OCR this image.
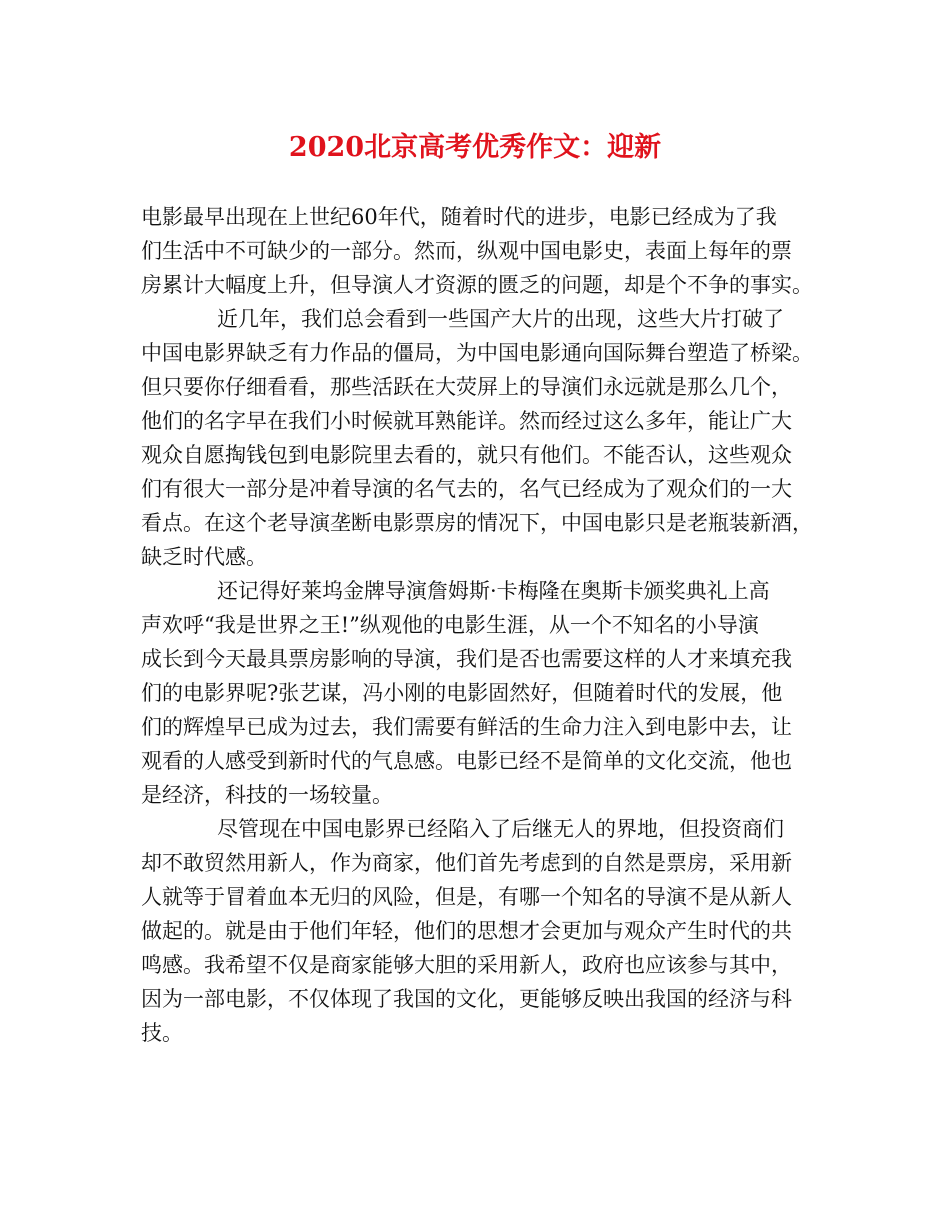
2020北京高考优秀作文：迎新

电影最早出现在上世纪60年代，随着时代的进步，电影已经成为了我
们生活中不可缺少的一部分。然而，纵观中国电影史，表面上每年的票
房累计大幅度上升，但导演人才资源的匮乏的问题，却是个不争的事实。

近几年，我们总会看到一些国产大片的出现，这些大片打破了
中国电影界缺乏有力作品的僵局，为中国电影通向国际舞台塑造了桥梁。
但只要你仔细看看，那些活跃在大荧屏上的导演们永远就是那么几个，
他们的名字早在我们小时候就耳熟能详。然而经过这么多年，能让广大
观众自愿掏钱包到电影院里去看的，就只有他们。不能否认，这些观众
们有很大一部分是冲着导演的名气去的，名气已经成为了观众们的一大
看点。在这个老导演垄断电影票房的情况下，中国电影只是老瓶装新酒，
缺乏时代感。

还记得好莱坞金牌导演詹姆斯·卡梅隆在奥斯卡颁奖典礼上高
声欢呼“我是世界之王!”纵观他的电影生涯，从一个不知名的小导演
成长到今天最具票房影响的导演，我们是否也需要这样的人才来填充我
们的电影界呢?张艺谋，冯小刚的电影固然好，但随着时代的发展，他
们的辉煌早已成为过去，我们需要有鲜活的生命力注入到电影中去，让
观看的人感受到新时代的气息感。电影已经不是简单的文化交流，他也
是经济，科技的一场较量。

尽管现在中国电影界已经陷入了后继无人的界地，但投资商们
却不敢贸然用新人，作为商家，他们首先考虑到的自然是票房，采用新
人就等于冒着血本无归的风险，但是，有哪一个知名的导演不是从新人
做起的。就是由于他们年轻，他们的思想才会更加与观众产生时代的共
鸣感。我希望不仅是商家能够大胆的采用新人，政府也应该参与其中，
因为一部电影，不仅体现了我国的文化，更能够反映出我国的经济与科
技。
